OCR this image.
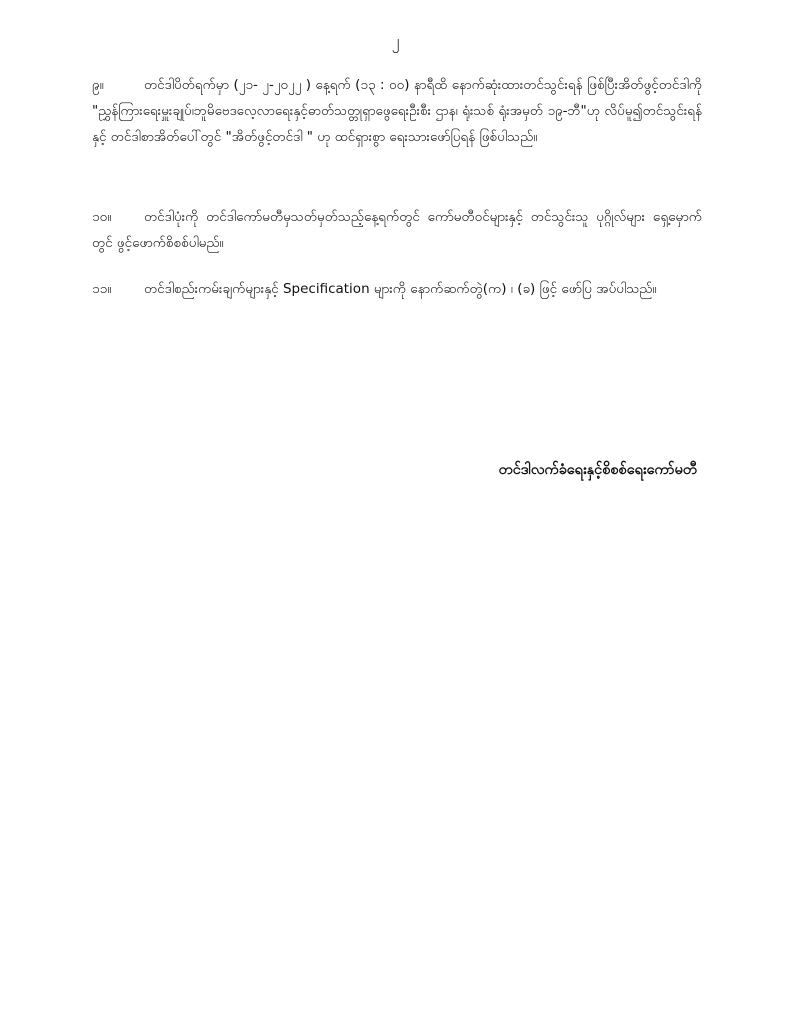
၂
၉။	တင်ဒါပိတ်ရက်မှာ (၂၁- ၂-၂၀၂၂ ) နေ့ရက် (၁၃ : ၀၀) နာရီထိ နောက်ဆုံးထားတင်သွင်းရန် ဖြစ်ပြီးအိတ်ဖွင့်တင်ဒါကို "ညွှန်ကြားရေးမှူးချုပ်၊ဘူမိဗေဒလေ့လာရေးနှင့်ဓာတ်သတ္တုရှာဖွေရေးဦးစီး ဌာန၊ ရုံးသစ် ရုံးအမှတ် ၁၉-ဘီ"ဟု လိပ်မူ၍တင်သွင်းရန် နှင့် တင်ဒါစာအိတ်ပေါ်တွင် "အိတ်ဖွင့်တင်ဒါ " ဟု ထင်ရှားစွာ ရေးသားဖော်ပြရန် ဖြစ်ပါသည်။
၁၀။ တင်ဒါပုံးကို တင်ဒါကော်မတီမှသတ်မှတ်သည့်နေ့ရက်တွင် ကော်မတီဝင်များနှင့် တင်သွင်းသူ ပုဂ္ဂိုလ်များ ရှေ့မှောက်တွင် ဖွင့်ဖောက်စိစစ်ပါမည်။
၁၁။ တင်ဒါစည်းကမ်းချက်များနှင့် Specification များကို နောက်ဆက်တွဲ(က) ၊ (ခ) ဖြင့် ဖော်ပြ အပ်ပါသည်။
တင်ဒါလက်ခံရေးနှင့်စိစစ်ရေးကော်မတီ
